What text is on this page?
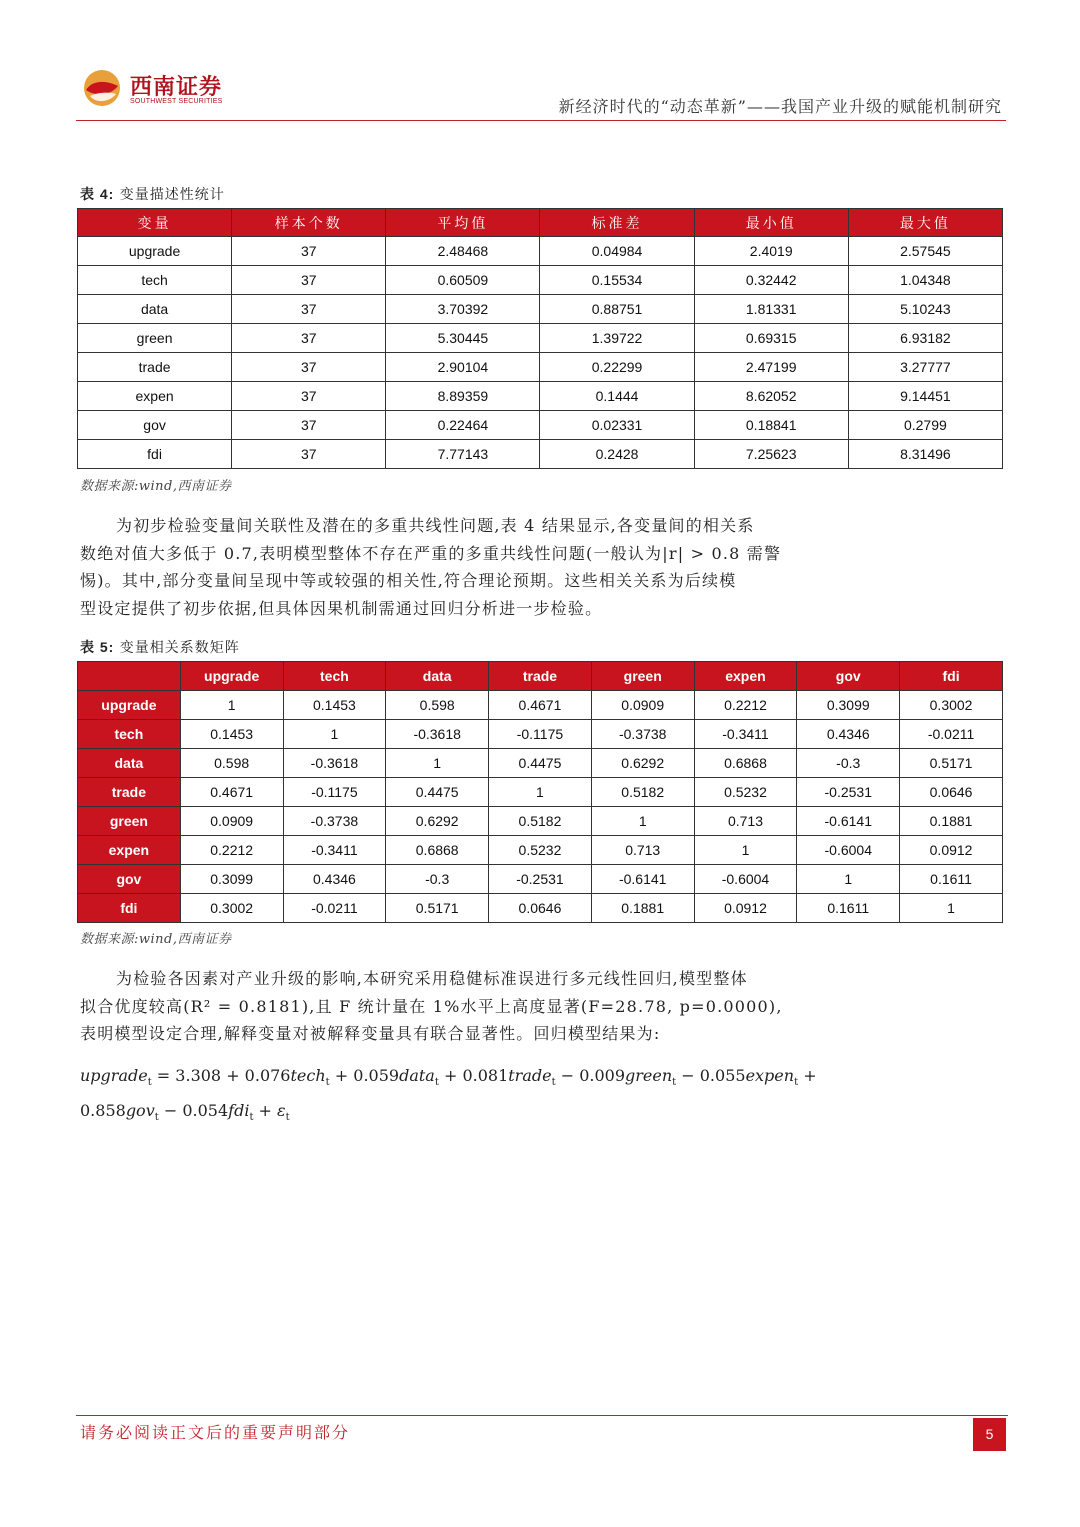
西南证券
SOUTHWEST SECURITIES	新经济时代的“动态革新”——我国产业升级的赋能机制研究
表 4: 变量描述性统计
变量	样本个数	平均值	标准差	最小值	最大值
upgrade	37	2.48468	0.04984	2.4019	2.57545
tech	37	0.60509	0.15534	0.32442	1.04348
data	37	3.70392	0.88751	1.81331	5.10243
green	37	5.30445	1.39722	0.69315	6.93182
trade	37	2.90104	0.22299	2.47199	3.27777
expen	37	8.89359	0.1444	8.62052	9.14451
gov	37	0.22464	0.02331	0.18841	0.2799
fdi	37	7.77143	0.2428	7.25623	8.31496
数据来源:wind,西南证券
为初步检验变量间关联性及潜在的多重共线性问题,表 4 结果显示,各变量间的相关系
数绝对值大多低于 0.7,表明模型整体不存在严重的多重共线性问题(一般认为|r| > 0.8 需警
惕)。其中,部分变量间呈现中等或较强的相关性,符合理论预期。这些相关关系为后续模
型设定提供了初步依据,但具体因果机制需通过回归分析进一步检验。
表 5: 变量相关系数矩阵
	upgrade	tech	data	trade	green	expen	gov	fdi
upgrade	1	0.1453	0.598	0.4671	0.0909	0.2212	0.3099	0.3002
tech	0.1453	1	-0.3618	-0.1175	-0.3738	-0.3411	0.4346	-0.0211
data	0.598	-0.3618	1	0.4475	0.6292	0.6868	-0.3	0.5171
trade	0.4671	-0.1175	0.4475	1	0.5182	0.5232	-0.2531	0.0646
green	0.0909	-0.3738	0.6292	0.5182	1	0.713	-0.6141	0.1881
expen	0.2212	-0.3411	0.6868	0.5232	0.713	1	-0.6004	0.0912
gov	0.3099	0.4346	-0.3	-0.2531	-0.6141	-0.6004	1	0.1611
fdi	0.3002	-0.0211	0.5171	0.0646	0.1881	0.0912	0.1611	1
数据来源:wind,西南证券
为检验各因素对产业升级的影响,本研究采用稳健标准误进行多元线性回归,模型整体
拟合优度较高(R² = 0.8181),且 F 统计量在 1%水平上高度显著(F=28.78, p=0.0000),
表明模型设定合理,解释变量对被解释变量具有联合显著性。回归模型结果为:
upgrade$_t$ = 3.308 + 0.076tech$_t$ + 0.059data$_t$ + 0.081trade$_t$ − 0.009green$_t$ − 0.055expen$_t$ +
$0.858gov_t - 0.054fdi_t + \varepsilon_t$
请务必阅读正文后的重要声明部分	5
